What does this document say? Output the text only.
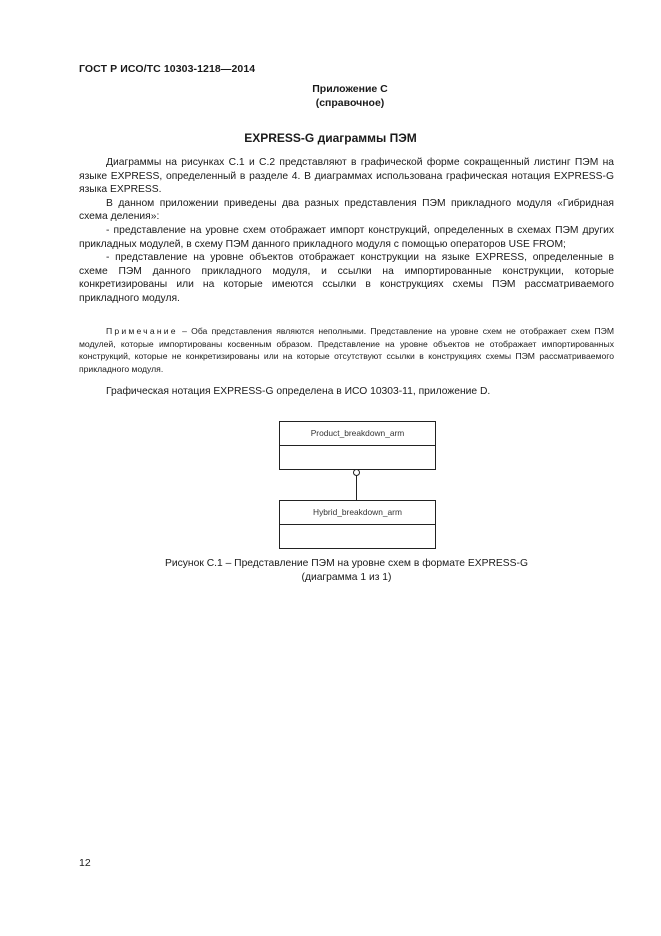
ГОСТ Р ИСО/ТС 10303-1218—2014
Приложение С
(справочное)
EXPRESS-G диаграммы ПЭМ

Диаграммы на рисунках С.1 и С.2 представляют в графической форме сокращенный листинг ПЭМ на языке EXPRESS, определенный в разделе 4. В диаграммах использована графическая нотация EXPRESS-G языка EXPRESS.

В данном приложении приведены два разных представления ПЭМ прикладного модуля «Гибридная схема деления»:

- представление на уровне схем отображает импорт конструкций, определенных в схемах ПЭМ других прикладных модулей, в схему ПЭМ данного прикладного модуля с помощью операторов USE FROM;

- представление на уровне объектов отображает конструкции на языке EXPRESS, определенные в схеме ПЭМ данного прикладного модуля, и ссылки на импортированные конструкции, которые конкретизированы или на которые имеются ссылки в конструкциях схемы ПЭМ рассматриваемого прикладного модуля.

Примечание – Оба представления являются неполными. Представление на уровне схем не отображает схем ПЭМ модулей, которые импортированы косвенным образом. Представление на уровне объектов не отображает импортированных конструкций, которые не конкретизированы или на которые отсутствуют ссылки в конструкциях схемы ПЭМ рассматриваемого прикладного модуля.

Графическая нотация EXPRESS-G определена в ИСО 10303-11, приложение D.
Product_breakdown_arm
Hybrid_breakdown_arm
Рисунок С.1 – Представление ПЭМ на уровне схем в формате EXPRESS-G
(диаграмма 1 из 1)
12
